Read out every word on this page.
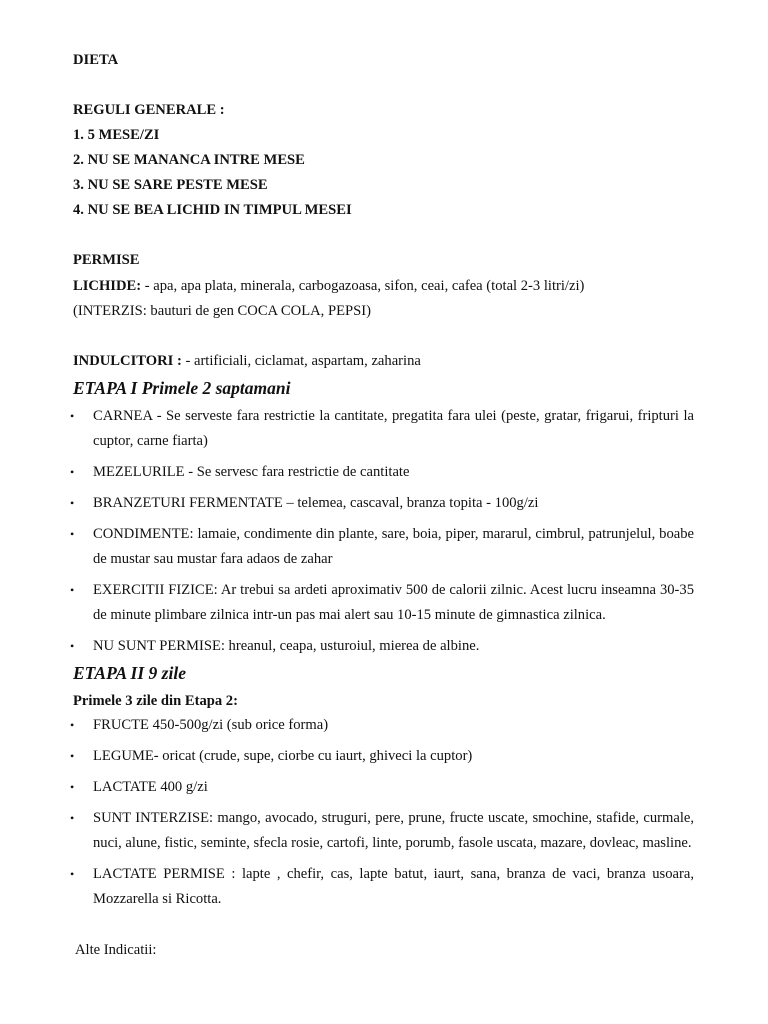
DIETA
REGULI GENERALE :
1. 5 MESE/ZI
2. NU SE MANANCA INTRE MESE
3. NU SE SARE PESTE MESE
4. NU SE BEA LICHID IN TIMPUL MESEI
PERMISE
LICHIDE: - apa, apa plata, minerala, carbogazoasa, sifon, ceai, cafea (total 2-3 litri/zi)
(INTERZIS: bauturi de gen COCA COLA, PEPSI)
INDULCITORI : - artificiali, ciclamat, aspartam, zaharina
ETAPA I Primele 2 saptamani
• CARNEA - Se serveste fara restrictie la cantitate, pregatita fara ulei (peste, gratar, frigarui, fripturi la cuptor, carne fiarta)
• MEZELURILE - Se servesc fara restrictie de cantitate
• BRANZETURI FERMENTATE – telemea, cascaval, branza topita - 100g/zi
• CONDIMENTE: lamaie, condimente din plante, sare, boia, piper, mararul, cimbrul, patrunjelul, boabe de mustar sau mustar fara adaos de zahar
• EXERCITII FIZICE: Ar trebui sa ardeti aproximativ 500 de calorii zilnic. Acest lucru inseamna 30-35 de minute plimbare zilnica intr-un pas mai alert sau 10-15 minute de gimnastica zilnica.
• NU SUNT PERMISE: hreanul, ceapa, usturoiul, mierea de albine.
ETAPA II 9 zile
Primele 3 zile din Etapa 2:
• FRUCTE 450-500g/zi (sub orice forma)
• LEGUME- oricat (crude, supe, ciorbe cu iaurt, ghiveci la cuptor)
• LACTATE 400 g/zi
• SUNT INTERZISE: mango, avocado, struguri, pere, prune, fructe uscate, smochine, stafide, curmale, nuci, alune, fistic, seminte, sfecla rosie, cartofi, linte, porumb, fasole uscata, mazare, dovleac, masline.
• LACTATE PERMISE : lapte , chefir, cas, lapte batut, iaurt, sana, branza de vaci, branza usoara, Mozzarella si Ricotta.
Alte Indicatii:
